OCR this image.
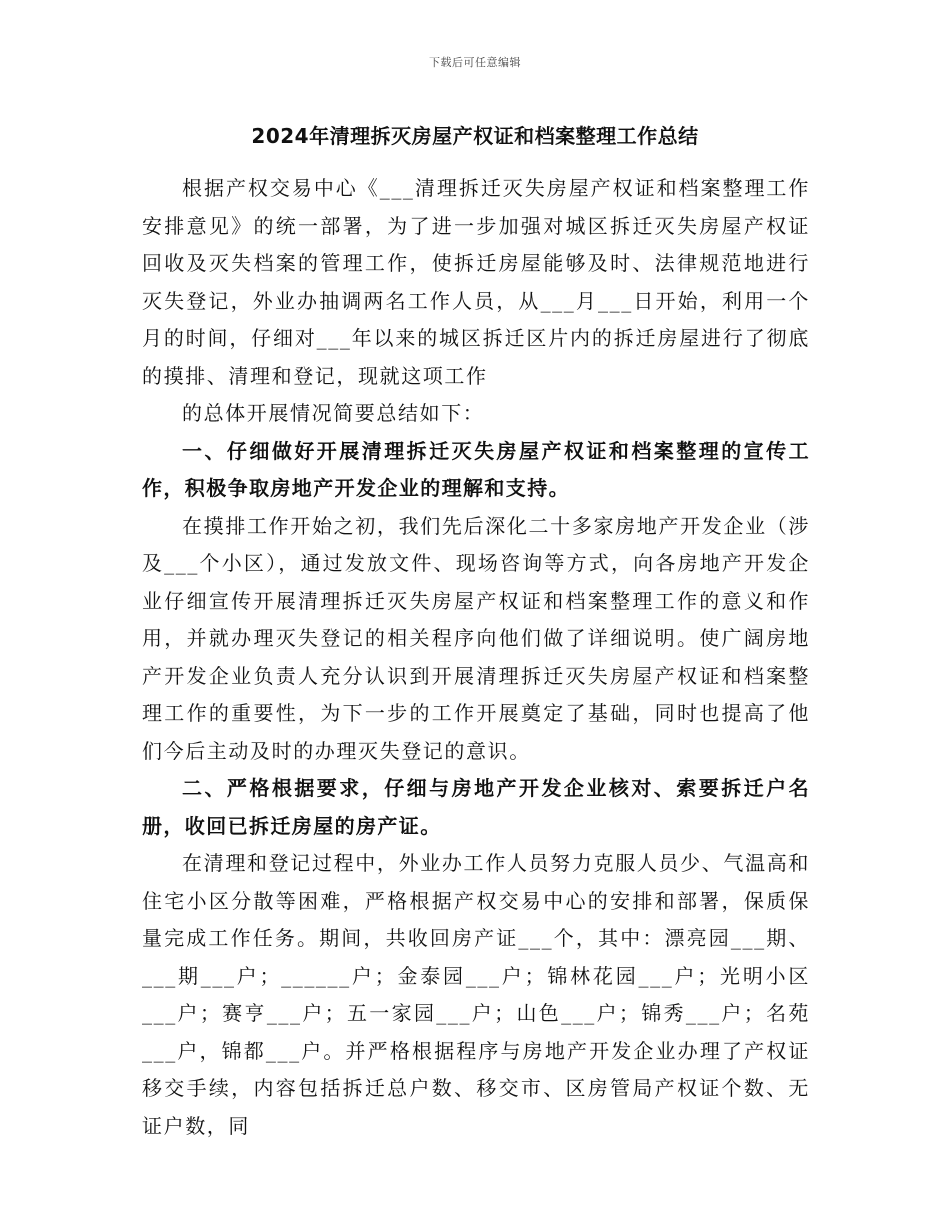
下载后可任意编辑
2024年清理拆灭房屋产权证和档案整理工作总结

根据产权交易中心《___清理拆迁灭失房屋产权证和档案整理工作安排意见》的统一部署，为了进一步加强对城区拆迁灭失房屋产权证回收及灭失档案的管理工作，使拆迁房屋能够及时、法律规范地进行灭失登记，外业办抽调两名工作人员，从___月___日开始，利用一个月的时间，仔细对___年以来的城区拆迁区片内的拆迁房屋进行了彻底的摸排、清理和登记，现就这项工作

的总体开展情况简要总结如下：

一、仔细做好开展清理拆迁灭失房屋产权证和档案整理的宣传工作，积极争取房地产开发企业的理解和支持。

在摸排工作开始之初，我们先后深化二十多家房地产开发企业（涉及___个小区），通过发放文件、现场咨询等方式，向各房地产开发企业仔细宣传开展清理拆迁灭失房屋产权证和档案整理工作的意义和作用，并就办理灭失登记的相关程序向他们做了详细说明。使广阔房地产开发企业负责人充分认识到开展清理拆迁灭失房屋产权证和档案整理工作的重要性，为下一步的工作开展奠定了基础，同时也提高了他们今后主动及时的办理灭失登记的意识。

二、严格根据要求，仔细与房地产开发企业核对、索要拆迁户名册，收回已拆迁房屋的房产证。

在清理和登记过程中，外业办工作人员努力克服人员少、气温高和住宅小区分散等困难，严格根据产权交易中心的安排和部署，保质保量完成工作任务。期间，共收回房产证___个，其中：漂亮园___期、___期___户；______户；金泰园___户；锦林花园___户；光明小区___户；赛亨___户；五一家园___户；山色___户；锦秀___户；名苑___户，锦都___户。并严格根据程序与房地产开发企业办理了产权证移交手续，内容包括拆迁总户数、移交市、区房管局产权证个数、无证户数，同
